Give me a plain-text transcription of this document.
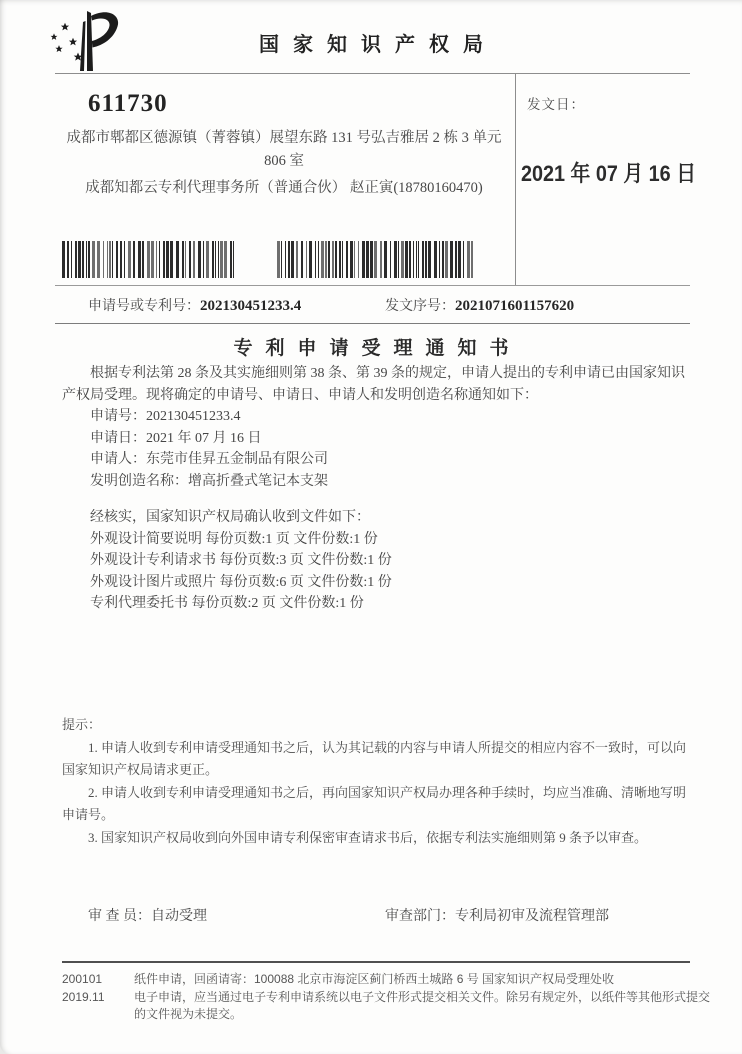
国家知识产权局
611730
成都市郫都区德源镇（菁蓉镇）展望东路 131 号弘吉雅居 2 栋 3 单元
806 室
成都知都云专利代理事务所（普通合伙） 赵正寅(18780160470)
发文日：
2021 年 07 月 16 日
申请号或专利号：202130451233.4	发文序号：2021071601157620
专利申请受理通知书

根据专利法第 28 条及其实施细则第 38 条、第 39 条的规定，申请人提出的专利申请已由国家知识产权局受理。现将确定的申请号、申请日、申请人和发明创造名称通知如下：

申请号：202130451233.4

申请日：2021 年 07 月 16 日

申请人：东莞市佳昇五金制品有限公司

发明创造名称：增高折叠式笔记本支架

经核实，国家知识产权局确认收到文件如下：

外观设计简要说明 每份页数:1 页 文件份数:1 份

外观设计专利请求书 每份页数:3 页 文件份数:1 份

外观设计图片或照片 每份页数:6 页 文件份数:1 份

专利代理委托书 每份页数:2 页 文件份数:1 份

提示：

1. 申请人收到专利申请受理通知书之后，认为其记载的内容与申请人所提交的相应内容不一致时，可以向国家知识产权局请求更正。

2. 申请人收到专利申请受理通知书之后，再向国家知识产权局办理各种手续时，均应当准确、清晰地写明申请号。

3. 国家知识产权局收到向外国申请专利保密审查请求书后，依据专利法实施细则第 9 条予以审查。

审 查 员：自动受理	审查部门：专利局初审及流程管理部
200101	纸件申请，回函请寄：100088 北京市海淀区蓟门桥西土城路 6 号 国家知识产权局受理处收
2019.11	电子申请，应当通过电子专利申请系统以电子文件形式提交相关文件。除另有规定外，以纸件等其他形式提交的文件视为未提交。
